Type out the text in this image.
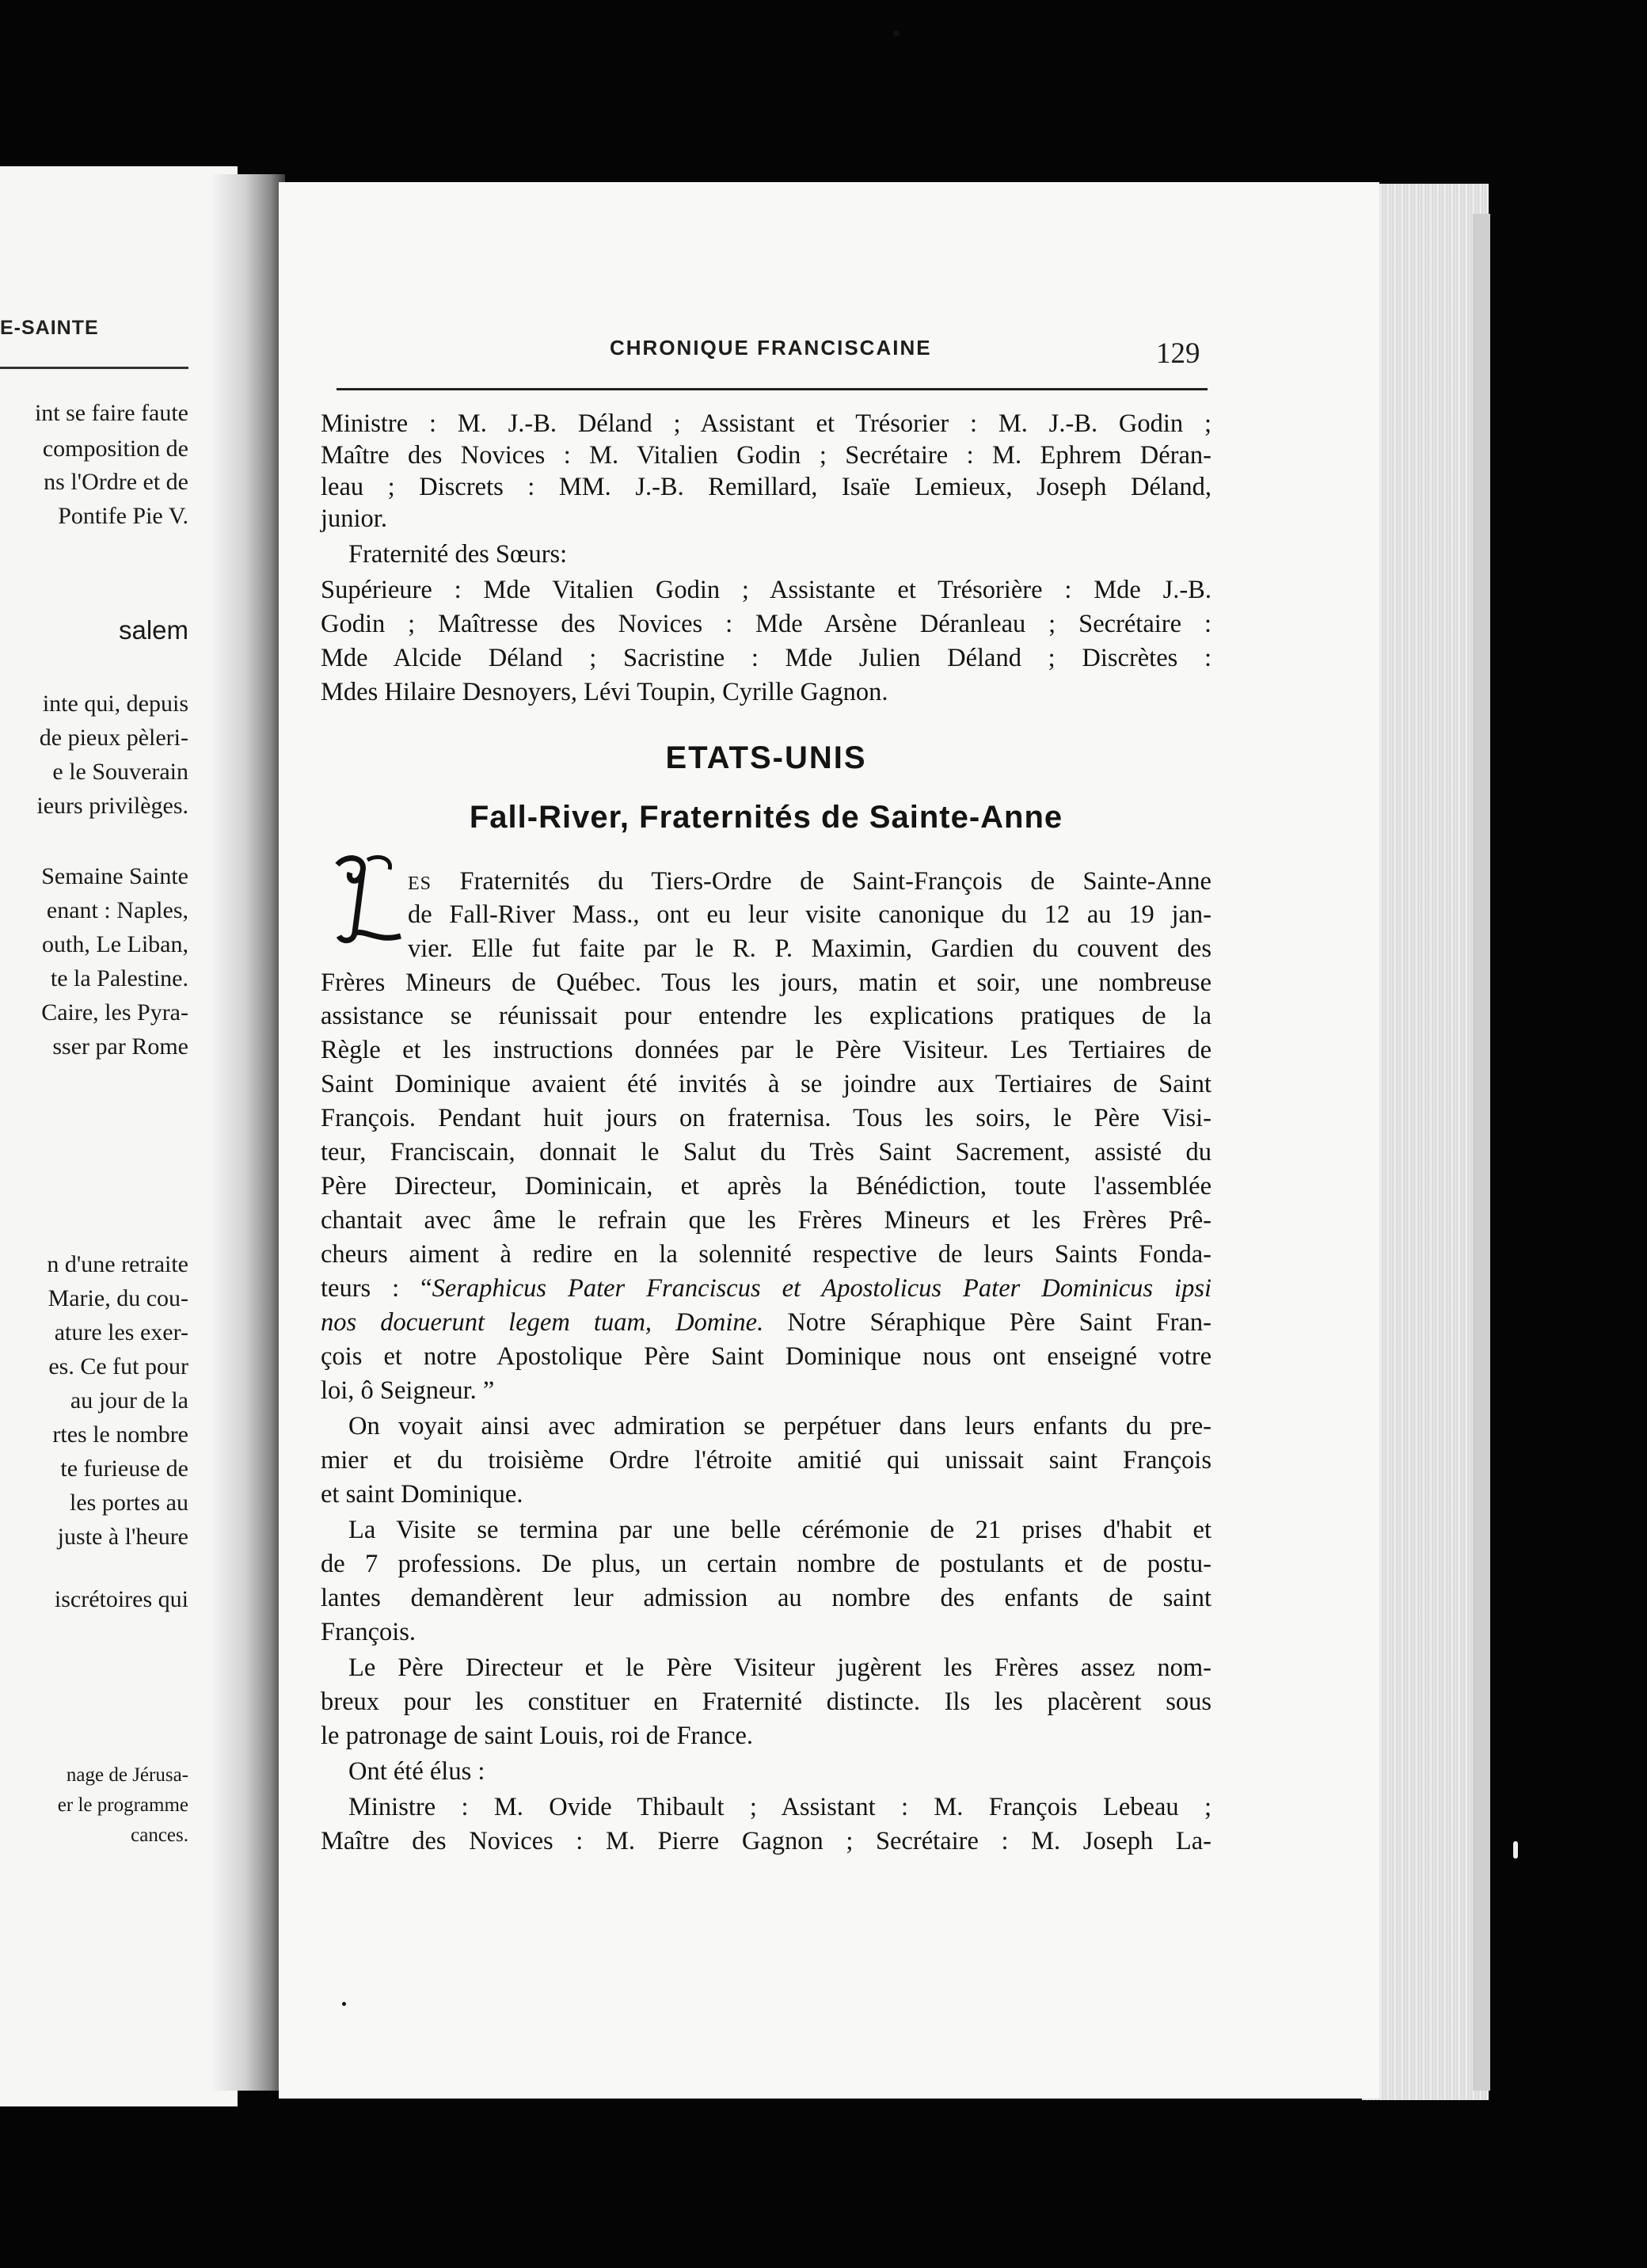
E-SAINTE
int se faire faute
composition de
ns l'Ordre et de
Pontife Pie V.
salem
inte qui, depuis
de pieux pèleri-
e le Souverain
ieurs privilèges.
Semaine Sainte
enant : Naples,
outh, Le Liban,
te la Palestine.
Caire, les Pyra-
sser par Rome
n d'une retraite
Marie, du cou-
ature les exer-
es. Ce fut pour
au jour de la
rtes le nombre
te furieuse de
les portes au
juste à l'heure
iscrétoires qui
nage de Jérusa-
er le programme
cances.
CHRONIQUE FRANCISCAINE	129
Ministre : M. J.-B. Déland ; Assistant et Trésorier : M. J.-B. Godin ;
Maître des Novices : M. Vitalien Godin ; Secrétaire : M. Ephrem Déran-
leau ; Discrets : MM. J.-B. Remillard, Isaïe Lemieux, Joseph Déland,
junior.
Fraternité des Sœurs:
Supérieure : Mde Vitalien Godin ; Assistante et Trésorière : Mde J.-B.
Godin ; Maîtresse des Novices : Mde Arsène Déranleau ; Secrétaire :
Mde Alcide Déland ; Sacristine : Mde Julien Déland ; Discrètes :
Mdes Hilaire Desnoyers, Lévi Toupin, Cyrille Gagnon.
ETATS-UNIS
Fall-River, Fraternités de Sainte-Anne
ES Fraternités du Tiers-Ordre de Saint-François de Sainte-Anne
de Fall-River Mass., ont eu leur visite canonique du 12 au 19 jan-
vier. Elle fut faite par le R. P. Maximin, Gardien du couvent des
Frères Mineurs de Québec. Tous les jours, matin et soir, une nombreuse
assistance se réunissait pour entendre les explications pratiques de la
Règle et les instructions données par le Père Visiteur. Les Tertiaires de
Saint Dominique avaient été invités à se joindre aux Tertiaires de Saint
François. Pendant huit jours on fraternisa. Tous les soirs, le Père Visi-
teur, Franciscain, donnait le Salut du Très Saint Sacrement, assisté du
Père Directeur, Dominicain, et après la Bénédiction, toute l'assemblée
chantait avec âme le refrain que les Frères Mineurs et les Frères Prê-
cheurs aiment à redire en la solennité respective de leurs Saints Fonda-
teurs : “Seraphicus Pater Franciscus et Apostolicus Pater Dominicus ipsi
nos docuerunt legem tuam, Domine. Notre Séraphique Père Saint Fran-
çois et notre Apostolique Père Saint Dominique nous ont enseigné votre
loi, ô Seigneur. ”
On voyait ainsi avec admiration se perpétuer dans leurs enfants du pre-
mier et du troisième Ordre l'étroite amitié qui unissait saint François
et saint Dominique.
La Visite se termina par une belle cérémonie de 21 prises d'habit et
de 7 professions. De plus, un certain nombre de postulants et de postu-
lantes demandèrent leur admission au nombre des enfants de saint
François.
Le Père Directeur et le Père Visiteur jugèrent les Frères assez nom-
breux pour les constituer en Fraternité distincte. Ils les placèrent sous
le patronage de saint Louis, roi de France.
Ont été élus :
Ministre : M. Ovide Thibault ; Assistant : M. François Lebeau ;
Maître des Novices : M. Pierre Gagnon ; Secrétaire : M. Joseph La-
